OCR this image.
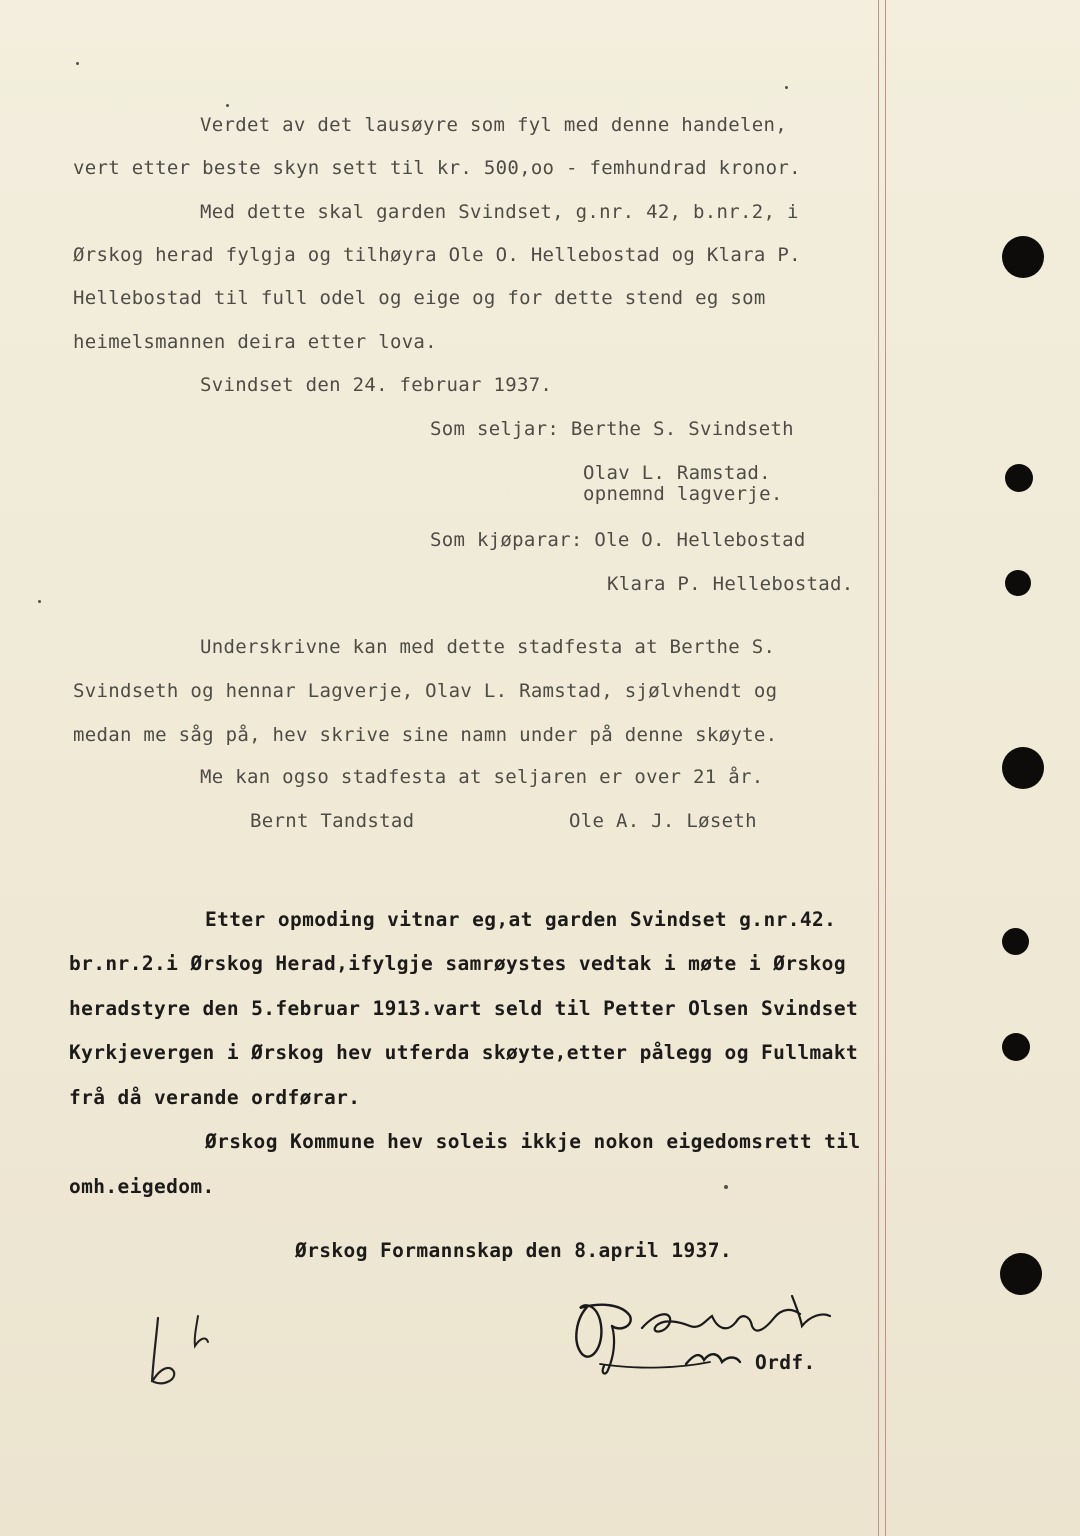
Verdet av det lausøyre som fyl med denne handelen,
vert etter beste skyn sett til kr. 500,oo - femhundrad kronor.
Med dette skal garden Svindset, g.nr. 42, b.nr.2, i
Ørskog herad fylgja og tilhøyra Ole O. Hellebostad og Klara P.
Hellebostad til full odel og eige og for dette stend eg som
heimelsmannen deira etter lova.
Svindset den 24. februar 1937.
Som seljar: Berthe S. Svindseth
Olav L. Ramstad.
opnemnd lagverje.
Som kjøparar: Ole O. Hellebostad
Klara P. Hellebostad.
Underskrivne kan med dette stadfesta at Berthe S.
Svindseth og hennar Lagverje, Olav L. Ramstad, sjølvhendt og
medan me såg på, hev skrive sine namn under på denne skøyte.
Me kan ogso stadfesta at seljaren er over 21 år.
Bernt Tandstad	Ole A. J. Løseth
Etter opmoding vitnar eg,at garden Svindset g.nr.42.
br.nr.2.i Ørskog Herad,ifylgje samrøystes vedtak i møte i Ørskog
heradstyre den 5.februar 1913.vart seld til Petter Olsen Svindset
Kyrkjevergen i Ørskog hev utferda skøyte,etter pålegg og Fullmakt
frå då verande ordførar.
Ørskog Kommune hev soleis ikkje nokon eigedomsrett til
omh.eigedom.
Ørskog Formannskap den 8.april 1937.
Ordf.
